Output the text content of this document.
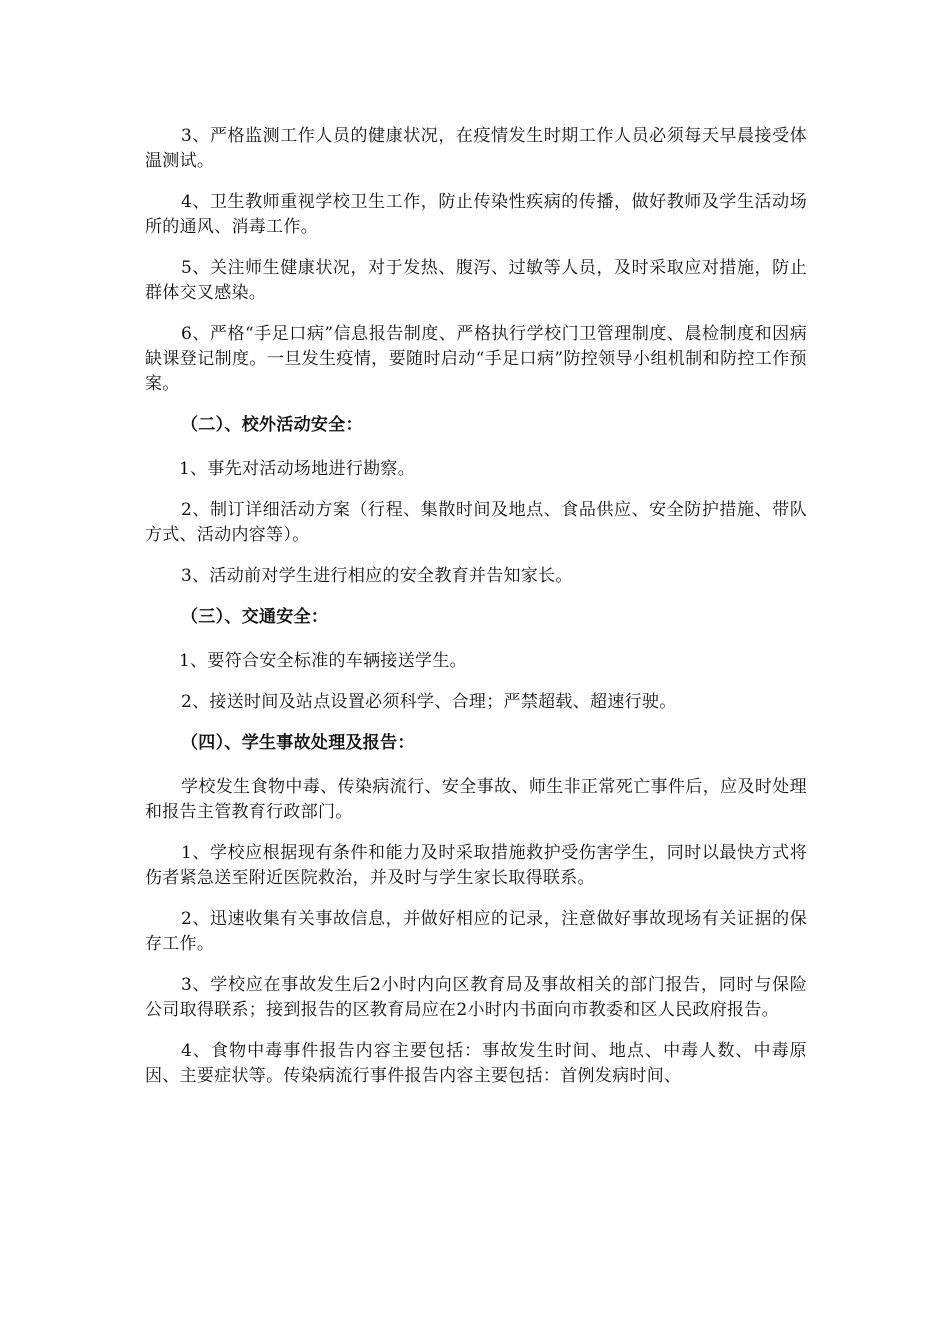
3、严格监测工作人员的健康状况，在疫情发生时期工作人员必须每天早晨接受体温测试。

4、卫生教师重视学校卫生工作，防止传染性疾病的传播，做好教师及学生活动场所的通风、消毒工作。

5、关注师生健康状况，对于发热、腹泻、过敏等人员，及时采取应对措施，防止群体交叉感染。

6、严格“手足口病”信息报告制度、严格执行学校门卫管理制度、晨检制度和因病缺课登记制度。一旦发生疫情，要随时启动“手足口病”防控领导小组机制和防控工作预案。

（二）、校外活动安全：

1、事先对活动场地进行勘察。

2、制订详细活动方案（行程、集散时间及地点、食品供应、安全防护措施、带队方式、活动内容等）。

3、活动前对学生进行相应的安全教育并告知家长。

（三）、交通安全：

1、要符合安全标准的车辆接送学生。

2、接送时间及站点设置必须科学、合理；严禁超载、超速行驶。

（四）、学生事故处理及报告：

学校发生食物中毒、传染病流行、安全事故、师生非正常死亡事件后，应及时处理和报告主管教育行政部门。

1、学校应根据现有条件和能力及时采取措施救护受伤害学生，同时以最快方式将伤者紧急送至附近医院救治，并及时与学生家长取得联系。

2、迅速收集有关事故信息，并做好相应的记录，注意做好事故现场有关证据的保存工作。

3、学校应在事故发生后2小时内向区教育局及事故相关的部门报告，同时与保险公司取得联系；接到报告的区教育局应在2小时内书面向市教委和区人民政府报告。

4、食物中毒事件报告内容主要包括：事故发生时间、地点、中毒人数、中毒原因、主要症状等。传染病流行事件报告内容主要包括：首例发病时间、
